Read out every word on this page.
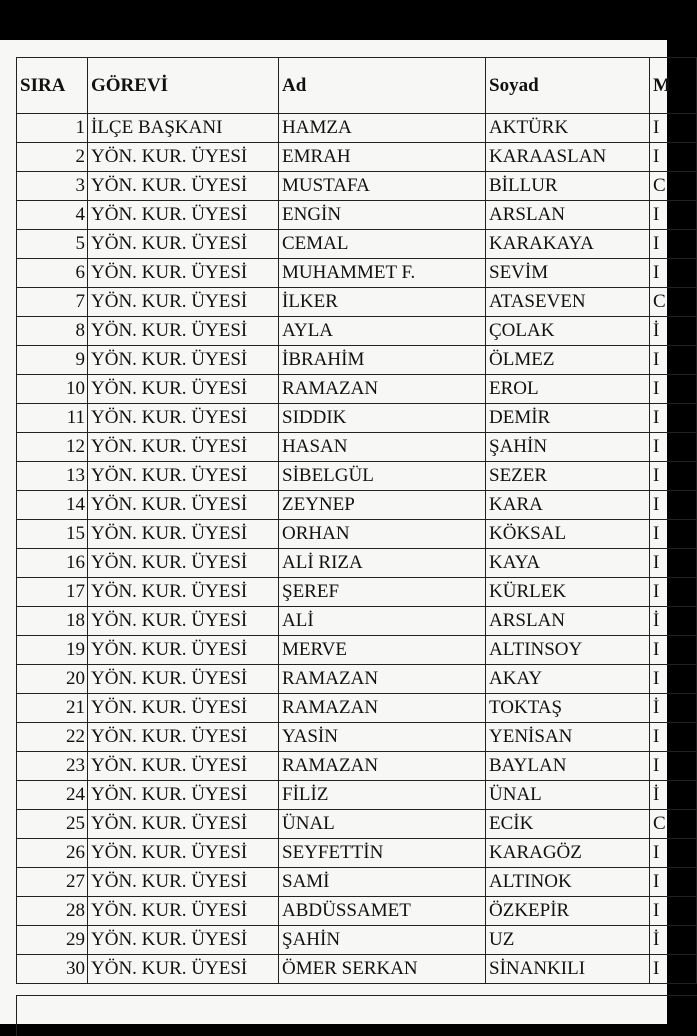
SIRA	GÖREVİ	Ad	Soyad	M
1	İLÇE BAŞKANI	HAMZA	AKTÜRK	I
2	YÖN. KUR. ÜYESİ	EMRAH	KARAASLAN	I
3	YÖN. KUR. ÜYESİ	MUSTAFA	BİLLUR	C
4	YÖN. KUR. ÜYESİ	ENGİN	ARSLAN	I
5	YÖN. KUR. ÜYESİ	CEMAL	KARAKAYA	I
6	YÖN. KUR. ÜYESİ	MUHAMMET F.	SEVİM	I
7	YÖN. KUR. ÜYESİ	İLKER	ATASEVEN	C
8	YÖN. KUR. ÜYESİ	AYLA	ÇOLAK	İ
9	YÖN. KUR. ÜYESİ	İBRAHİM	ÖLMEZ	I
10	YÖN. KUR. ÜYESİ	RAMAZAN	EROL	I
11	YÖN. KUR. ÜYESİ	SIDDIK	DEMİR	I
12	YÖN. KUR. ÜYESİ	HASAN	ŞAHİN	I
13	YÖN. KUR. ÜYESİ	SİBELGÜL	SEZER	I
14	YÖN. KUR. ÜYESİ	ZEYNEP	KARA	I
15	YÖN. KUR. ÜYESİ	ORHAN	KÖKSAL	I
16	YÖN. KUR. ÜYESİ	ALİ RIZA	KAYA	I
17	YÖN. KUR. ÜYESİ	ŞEREF	KÜRLEK	I
18	YÖN. KUR. ÜYESİ	ALİ	ARSLAN	İ
19	YÖN. KUR. ÜYESİ	MERVE	ALTINSOY	I
20	YÖN. KUR. ÜYESİ	RAMAZAN	AKAY	I
21	YÖN. KUR. ÜYESİ	RAMAZAN	TOKTAŞ	İ
22	YÖN. KUR. ÜYESİ	YASİN	YENİSAN	I
23	YÖN. KUR. ÜYESİ	RAMAZAN	BAYLAN	I
24	YÖN. KUR. ÜYESİ	FİLİZ	ÜNAL	İ
25	YÖN. KUR. ÜYESİ	ÜNAL	ECİK	C
26	YÖN. KUR. ÜYESİ	SEYFETTİN	KARAGÖZ	I
27	YÖN. KUR. ÜYESİ	SAMİ	ALTINOK	I
28	YÖN. KUR. ÜYESİ	ABDÜSSAMET	ÖZKEPİR	I
29	YÖN. KUR. ÜYESİ	ŞAHİN	UZ	İ
30	YÖN. KUR. ÜYESİ	ÖMER SERKAN	SİNANKILI	I
